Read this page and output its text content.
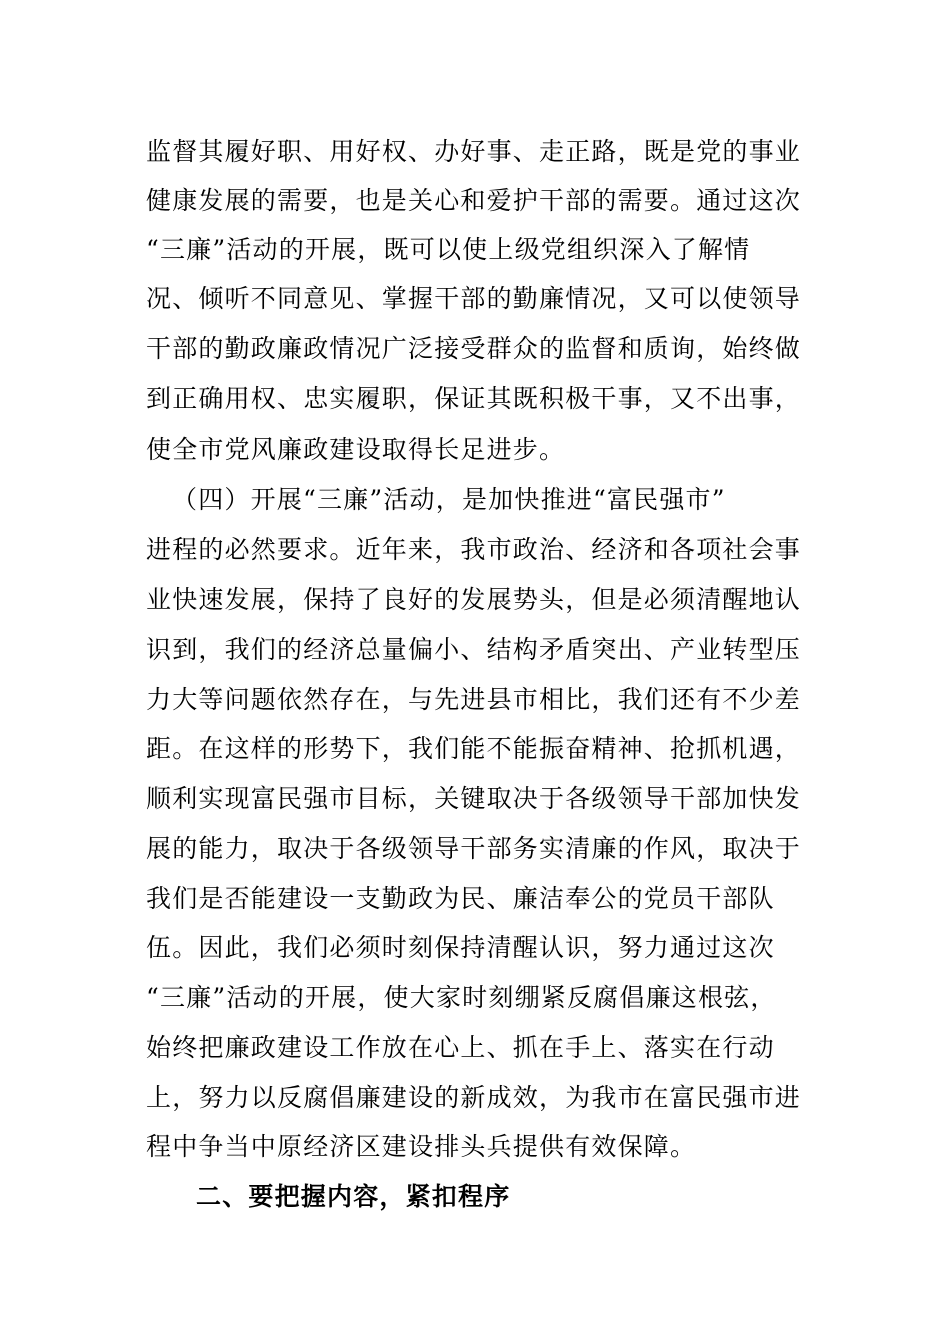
监督其履好职、用好权、办好事、走正路，既是党的事业
健康发展的需要，也是关心和爱护干部的需要。通过这次
“三廉”活动的开展，既可以使上级党组织深入了解情
况、倾听不同意见、掌握干部的勤廉情况，又可以使领导
干部的勤政廉政情况广泛接受群众的监督和质询，始终做
到正确用权、忠实履职，保证其既积极干事，又不出事，
使全市党风廉政建设取得长足进步。
（四）开展“三廉”活动，是加快推进“富民强市”
进程的必然要求。近年来，我市政治、经济和各项社会事
业快速发展，保持了良好的发展势头，但是必须清醒地认
识到，我们的经济总量偏小、结构矛盾突出、产业转型压
力大等问题依然存在，与先进县市相比，我们还有不少差
距。在这样的形势下，我们能不能振奋精神、抢抓机遇，
顺利实现富民强市目标，关键取决于各级领导干部加快发
展的能力，取决于各级领导干部务实清廉的作风，取决于
我们是否能建设一支勤政为民、廉洁奉公的党员干部队
伍。因此，我们必须时刻保持清醒认识，努力通过这次
“三廉”活动的开展，使大家时刻绷紧反腐倡廉这根弦，
始终把廉政建设工作放在心上、抓在手上、落实在行动
上，努力以反腐倡廉建设的新成效，为我市在富民强市进
程中争当中原经济区建设排头兵提供有效保障。
二、要把握内容，紧扣程序
